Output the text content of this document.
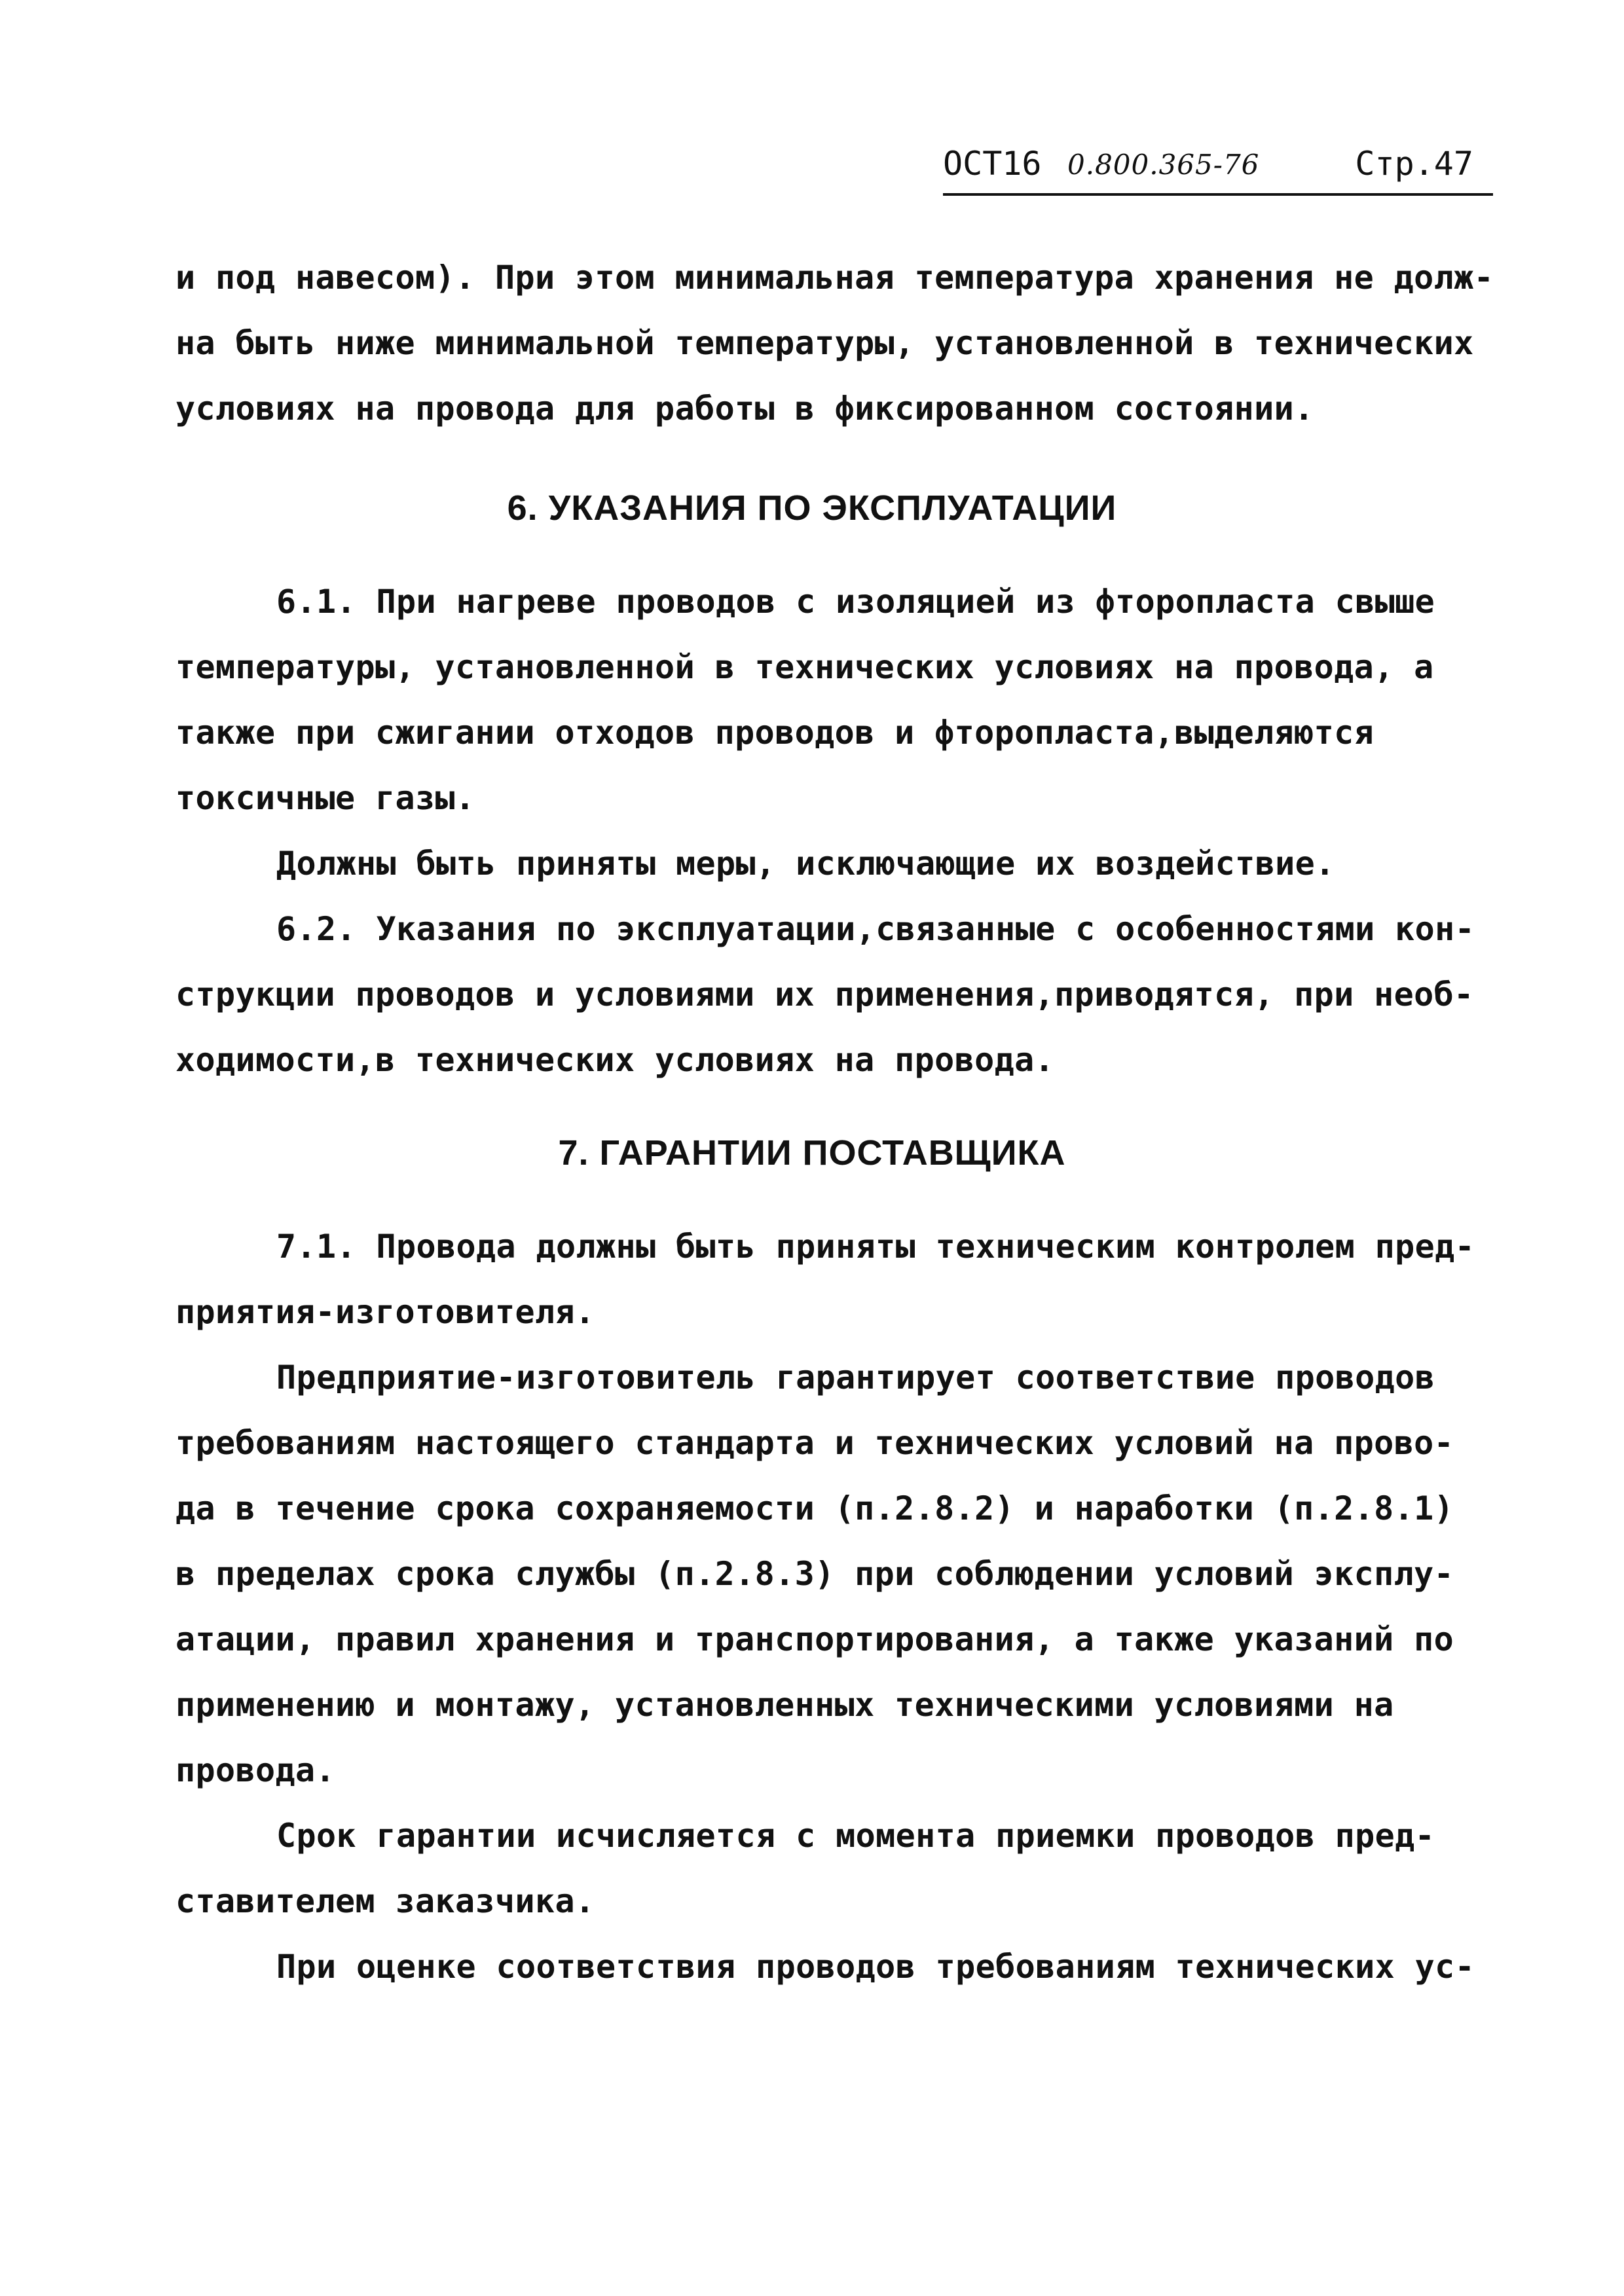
ОСТ16 0.800.365-76	Стр.47
и под навесом). При этом минимальная температура хранения не долж-
на быть ниже минимальной температуры, установленной в технических
условиях на провода для работы в фиксированном состоянии.
6. УКАЗАНИЯ ПО ЭКСПЛУАТАЦИИ
6.1. При нагреве проводов с изоляцией из фторопласта свыше
температуры, установленной в технических условиях на провода, а
также при сжигании отходов проводов и фторопласта,выделяются
токсичные газы.
Должны быть приняты меры, исключающие их воздействие.
6.2. Указания по эксплуатации,связанные с особенностями кон-
струкции проводов и условиями их применения,приводятся, при необ-
ходимости,в технических условиях на провода.
7. ГАРАНТИИ ПОСТАВЩИКА
7.1. Провода должны быть приняты техническим контролем пред-
приятия-изготовителя.
Предприятие-изготовитель гарантирует соответствие проводов
требованиям настоящего стандарта и технических условий на прово-
да в течение срока сохраняемости (п.2.8.2) и наработки (п.2.8.1)
в пределах срока службы (п.2.8.3) при соблюдении условий эксплу-
атации, правил хранения и транспортирования, а также указаний по
применению и монтажу, установленных техническими условиями на
провода.
Срок гарантии исчисляется с момента приемки проводов пред-
ставителем заказчика.
При оценке соответствия проводов требованиям технических ус-
